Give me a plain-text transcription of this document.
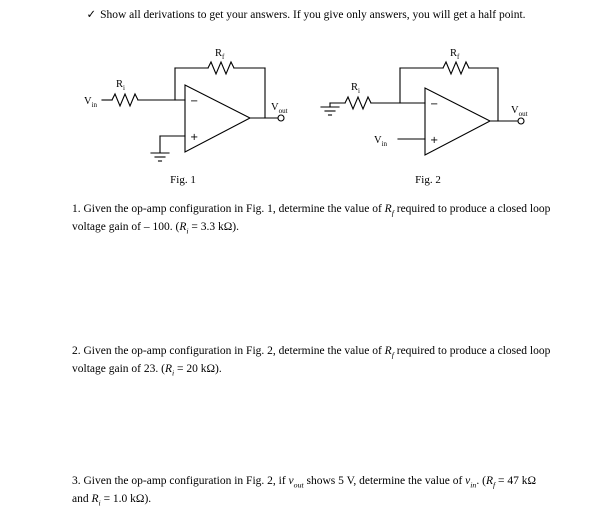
✓ Show all derivations to get your answers. If you give only answers, you will get a half point.
$R_f$
$R_i$
$V_{in}$	$V_{out}$
−
+
Fig. 1
$R_f$
$R_i$
$V_{in}$
$V_{out}$
−
+
Fig. 2

1. Given the op-amp configuration in Fig. 1, determine the value of $R_f$ required to produce a closed loop voltage gain of – 100. ($R_i = 3.3$ kΩ).

2. Given the op-amp configuration in Fig. 2, determine the value of $R_f$ required to produce a closed loop voltage gain of 23. ($R_i = 20$ kΩ).

3. Given the op-amp configuration in Fig. 2, if $v_{out}$ shows 5 V, determine the value of $v_{in}$. ($R_f = 47$ kΩ and $R_i = 1.0$ kΩ).
